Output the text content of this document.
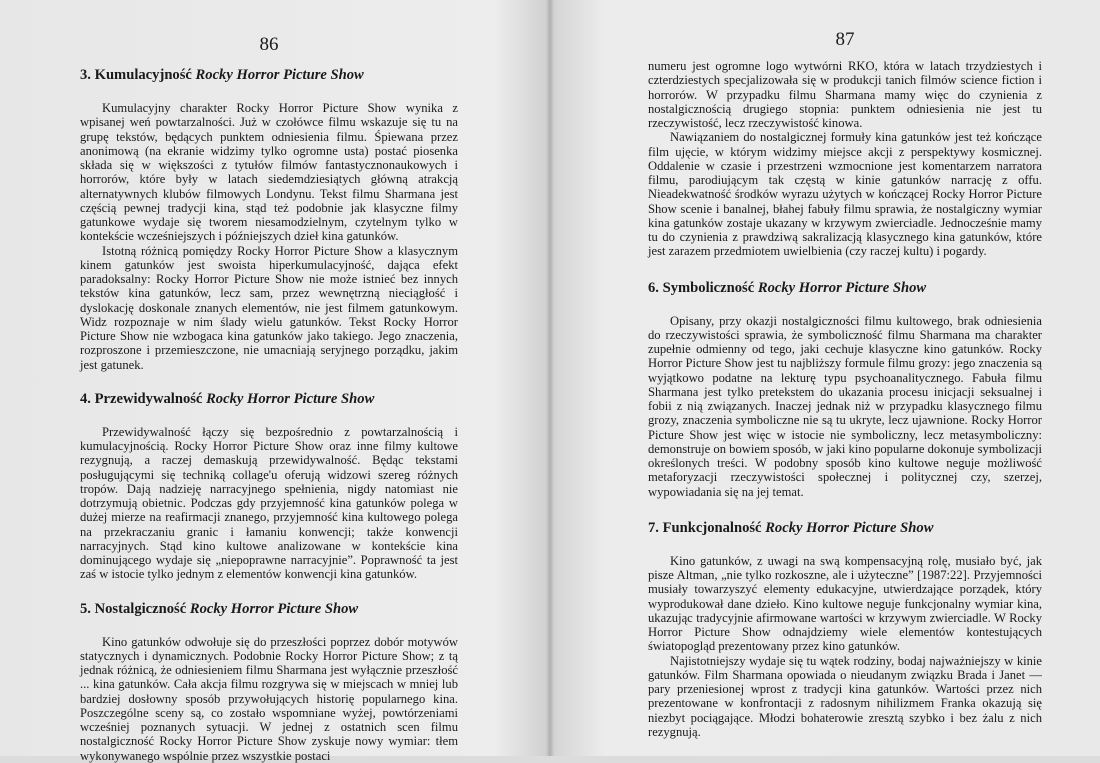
86
3. Kumulacyjność Rocky Horror Picture Show

Kumulacyjny charakter Rocky Horror Picture Show wynika z wpisanej weń powtarzalności. Już w czołówce filmu wskazuje się tu na grupę tekstów, będących punktem odniesienia filmu. Śpiewana przez anonimową (na ekranie widzimy tylko ogromne usta) postać piosenka składa się w większości z tytułów filmów fantastycznonaukowych i horrorów, które były w latach siedemdziesiątych główną atrakcją alternatywnych klubów filmowych Londynu. Tekst filmu Sharmana jest częścią pewnej tradycji kina, stąd też podobnie jak klasyczne filmy gatunkowe wydaje się tworem niesamodzielnym, czytelnym tylko w kontekście wcześniejszych i późniejszych dzieł kina gatunków.

Istotną różnicą pomiędzy Rocky Horror Picture Show a klasycznym kinem gatunków jest swoista hiperkumulacyjność, dająca efekt paradoksalny: Rocky Horror Picture Show nie może istnieć bez innych tekstów kina gatunków, lecz sam, przez wewnętrzną nieciągłość i dyslokację doskonale znanych elementów, nie jest filmem gatunkowym. Widz rozpoznaje w nim ślady wielu gatunków. Tekst Rocky Horror Picture Show nie wzbogaca kina gatunków jako takiego. Jego znaczenia, rozproszone i przemieszczone, nie umacniają seryjnego porządku, jakim jest gatunek.

4. Przewidywalność Rocky Horror Picture Show

Przewidywalność łączy się bezpośrednio z powtarzalnością i kumulacyjnością. Rocky Horror Picture Show oraz inne filmy kultowe rezygnują, a raczej demaskują przewidywalność. Będąc tekstami posługującymi się techniką collage'u oferują widzowi szereg różnych tropów. Dają nadzieję narracyjnego spełnienia, nigdy natomiast nie dotrzymują obietnic. Podczas gdy przyjemność kina gatunków polega w dużej mierze na reafirmacji znanego, przyjemność kina kultowego polega na przekraczaniu granic i łamaniu konwencji; także konwencji narracyjnych. Stąd kino kultowe analizowane w kontekście kina dominującego wydaje się „niepoprawne narracyjnie”. Poprawność ta jest zaś w istocie tylko jednym z elementów konwencji kina gatunków.

5. Nostalgiczność Rocky Horror Picture Show

Kino gatunków odwołuje się do przeszłości poprzez dobór motywów statycznych i dynamicznych. Podobnie Rocky Horror Picture Show; z tą jednak różnicą, że odniesieniem filmu Sharmana jest wyłącznie przeszłość ... kina gatunków. Cała akcja filmu rozgrywa się w miejscach w mniej lub bardziej dosłowny sposób przywołujących historię popularnego kina. Poszczególne sceny są, co zostało wspomniane wyżej, powtórzeniami wcześniej poznanych sytuacji. W jednej z ostatnich scen filmu nostalgiczność Rocky Horror Picture Show zyskuje nowy wymiar: tłem wykonywanego wspólnie przez wszystkie postaci

87

numeru jest ogromne logo wytwórni RKO, która w latach trzydziestych i czterdziestych specjalizowała się w produkcji tanich filmów science fiction i horrorów. W przypadku filmu Sharmana mamy więc do czynienia z nostalgicznością drugiego stopnia: punktem odniesienia nie jest tu rzeczywistość, lecz rzeczywistość kinowa.

Nawiązaniem do nostalgicznej formuły kina gatunków jest też kończące film ujęcie, w którym widzimy miejsce akcji z perspektywy kosmicznej. Oddalenie w czasie i przestrzeni wzmocnione jest komentarzem narratora filmu, parodiującym tak częstą w kinie gatunków narrację z offu. Nieadekwatność środków wyrazu użytych w kończącej Rocky Horror Picture Show scenie i banalnej, błahej fabuły filmu sprawia, że nostalgiczny wymiar kina gatunków zostaje ukazany w krzywym zwierciadle. Jednocześnie mamy tu do czynienia z prawdziwą sakralizacją klasycznego kina gatunków, które jest zarazem przedmiotem uwielbienia (czy raczej kultu) i pogardy.

6. Symboliczność Rocky Horror Picture Show

Opisany, przy okazji nostalgiczności filmu kultowego, brak odniesienia do rzeczywistości sprawia, że symboliczność filmu Sharmana ma charakter zupełnie odmienny od tego, jaki cechuje klasyczne kino gatunków. Rocky Horror Picture Show jest tu najbliższy formule filmu grozy: jego znaczenia są wyjątkowo podatne na lekturę typu psychoanalitycznego. Fabuła filmu Sharmana jest tylko pretekstem do ukazania procesu inicjacji seksualnej i fobii z nią związanych. Inaczej jednak niż w przypadku klasycznego filmu grozy, znaczenia symboliczne nie są tu ukryte, lecz ujawnione. Rocky Horror Picture Show jest więc w istocie nie symboliczny, lecz metasymboliczny: demonstruje on bowiem sposób, w jaki kino popularne dokonuje symbolizacji określonych treści. W podobny sposób kino kultowe neguje możliwość metaforyzacji rzeczywistości społecznej i politycznej czy, szerzej, wypowiadania się na jej temat.

7. Funkcjonalność Rocky Horror Picture Show

Kino gatunków, z uwagi na swą kompensacyjną rolę, musiało być, jak pisze Altman, „nie tylko rozkoszne, ale i użyteczne” [1987:22]. Przyjemności musiały towarzyszyć elementy edukacyjne, utwierdzające porządek, który wyprodukował dane dzieło. Kino kultowe neguje funkcjonalny wymiar kina, ukazując tradycyjnie afirmowane wartości w krzywym zwierciadle. W Rocky Horror Picture Show odnajdziemy wiele elementów kontestujących światopogląd prezentowany przez kino gatunków.

Najistotniejszy wydaje się tu wątek rodziny, bodaj najważniejszy w kinie gatunków. Film Sharmana opowiada o nieudanym związku Brada i Janet — pary przeniesionej wprost z tradycji kina gatunków. Wartości przez nich prezentowane w konfrontacji z radosnym nihilizmem Franka okazują się niezbyt pociągające. Młodzi bohaterowie zresztą szybko i bez żalu z nich rezygnują.
